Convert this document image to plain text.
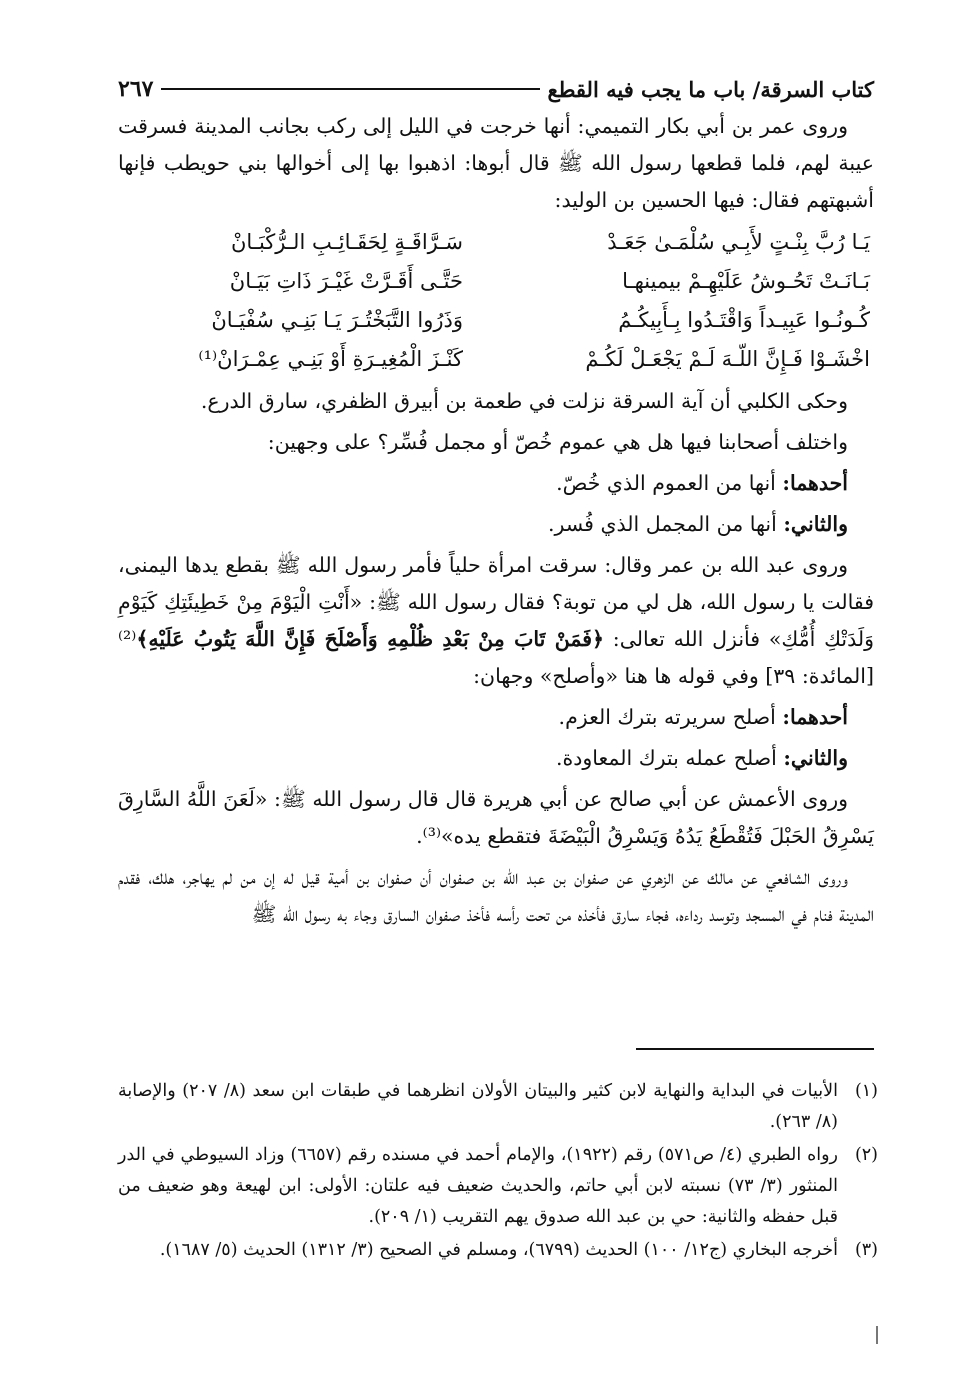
كتاب السرقة/ باب ما يجب فيه القطع
٢٦٧

وروى عمر بن أبي بكار التميمي: أنها خرجت في الليل إلى ركب بجانب المدينة فسرقت عيبة لهم، فلما قطعها رسول الله ﷺ قال أبوها: اذهبوا بها إلى أخوالها بني حويطب فإنها أشبهتهم فقال: فيها الحسين بن الوليد:

يَـا رُبَّ بِنْـتٍ لأَبِـي سُلْمَـىٰ جَعَـدْ
سَـرَّاقَـةٍ لِحَقَـائِـبِ الـرُّكْبَـانْ
بَـانَـتْ تَحُـوشُ عَلَيْهِـمْ بيمينهـا
حَتَّـى أَقَـرَّتْ غَيْـرَ ذَاتِ بَيَـانْ
كُـونُـوا عَبِيـداً وَاقْتَـدُوا بِـأَبِيكُـمُ
وَذَرُوا التَّبَخْتُـرَ يَـا بَنِـي سُفْيَـانْ
اخْشَـوْا فَـإِنَّ اللّـهَ لَـمْ يَجْعَـلْ لَكُـمْ
كَنْـزَ الْمُغِيـرَةِ أَوْ بَنِـي عِمْـرَانْ⁽¹⁾

وحكى الكلبي أن آية السرقة نزلت في طعمة بن أبيرق الظفري، سارق الدرع.

واختلف أصحابنا فيها هل هي عموم خُصّ أو مجمل فُسِّر؟ على وجهين:

أحدهما: أنها من العموم الذي خُصّ.

والثاني: أنها من المجمل الذي فُسر.

وروى عبد الله بن عمر وقال: سرقت امرأة حلياً فأمر رسول الله ﷺ بقطع يدها اليمنى، فقالت يا رسول الله، هل لي من توبة؟ فقال رسول الله ﷺ: «أَنْتِ الْيَوْمَ مِنْ خَطِيئَتِكِ كَيَوْمِ وَلَدَتْكِ أُمُّكِ» فأنزل الله تعالى: ﴿فَمَنْ تَابَ مِنْ بَعْدِ ظُلْمِهِ وَأَصْلَحَ فَإِنَّ اللَّهَ يَتُوبُ عَلَيْهِ﴾⁽²⁾ [المائدة: ٣٩] وفي قوله ها هنا «وأصلح» وجهان:

أحدهما: أصلح سريرته بترك العزم.

والثاني: أصلح عمله بترك المعاودة.

وروى الأعمش عن أبي صالح عن أبي هريرة قال قال رسول الله ﷺ: «لَعَنَ اللَّهُ السَّارِقَ يَسْرِقُ الحَبْلَ فَتُقْطَعُ يَدُهُ وَيَسْرِقُ الْبَيْضَةَ فتقطع يده»⁽³⁾.

وروى الشافعي عن مالك عن الزهري عن صفوان بن عبد الله بن صفوان أن صفوان بن أمية قيل له إن من لم يهاجر، هلك، فقدم المدينة فنام في المسجد وتوسد رداءه، فجاء سارق فأخذه من تحت رأسه فأخذ صفوان السارق وجاء به رسول الله ﷺ

(١)
الأبيات في البداية والنهاية لابن كثير والبيتان الأولان انظرهما في طبقات ابن سعد (٨/ ٢٠٧) والإصابة (٨/ ٢٦٣).
(٢)
رواه الطبري (٤/ ص٥٧١) رقم (١٩٢٢)، والإمام أحمد في مسنده رقم (٦٦٥٧) وزاد السيوطي في الدر المنثور (٣/ ٧٣) نسبته لابن أبي حاتم، والحديث ضعيف فيه علتان: الأولى: ابن لهيعة وهو ضعيف من قبل حفظه والثانية: حي بن عبد الله صدوق يهم التقريب (١/ ٢٠٩).
(٣)
أخرجه البخاري (ج١٢/ ١٠٠) الحديث (٦٧٩٩)، ومسلم في الصحيح (٣/ ١٣١٢) الحديث (٥/ ١٦٨٧).
